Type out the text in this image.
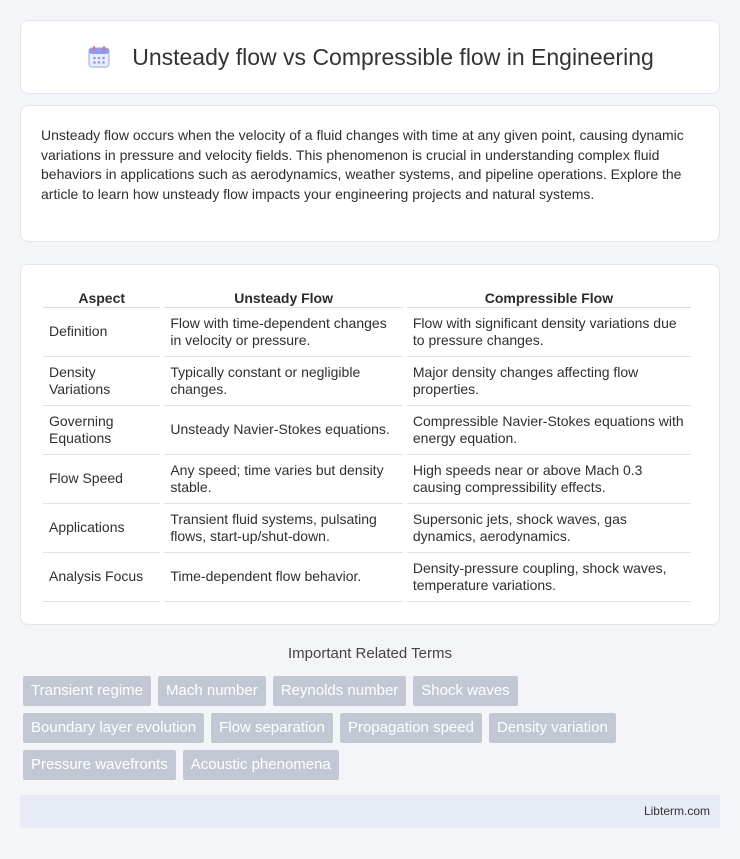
Unsteady flow vs Compressible flow in Engineering

Unsteady flow occurs when the velocity of a fluid changes with time at any given point, causing dynamic variations in pressure and velocity fields. This phenomenon is crucial in understanding complex fluid behaviors in applications such as aerodynamics, weather systems, and pipeline operations. Explore the article to learn how unsteady flow impacts your engineering projects and natural systems.

Aspect	Unsteady Flow	Compressible Flow
Definition	Flow with time-dependent changes in velocity or pressure.	Flow with significant density variations due to pressure changes.
Density Variations	Typically constant or negligible changes.	Major density changes affecting flow properties.
Governing Equations	Unsteady Navier-Stokes equations.	Compressible Navier-Stokes equations with energy equation.
Flow Speed	Any speed; time varies but density stable.	High speeds near or above Mach 0.3 causing compressibility effects.
Applications	Transient fluid systems, pulsating flows, start-up/shut-down.	Supersonic jets, shock waves, gas dynamics, aerodynamics.
Analysis Focus	Time-dependent flow behavior.	Density-pressure coupling, shock waves, temperature variations.
Important Related Terms
Transient regime	Mach number	Reynolds number	Shock waves
Boundary layer evolution	Flow separation	Propagation speed	Density variation
Pressure wavefronts	Acoustic phenomena
Libterm.com
